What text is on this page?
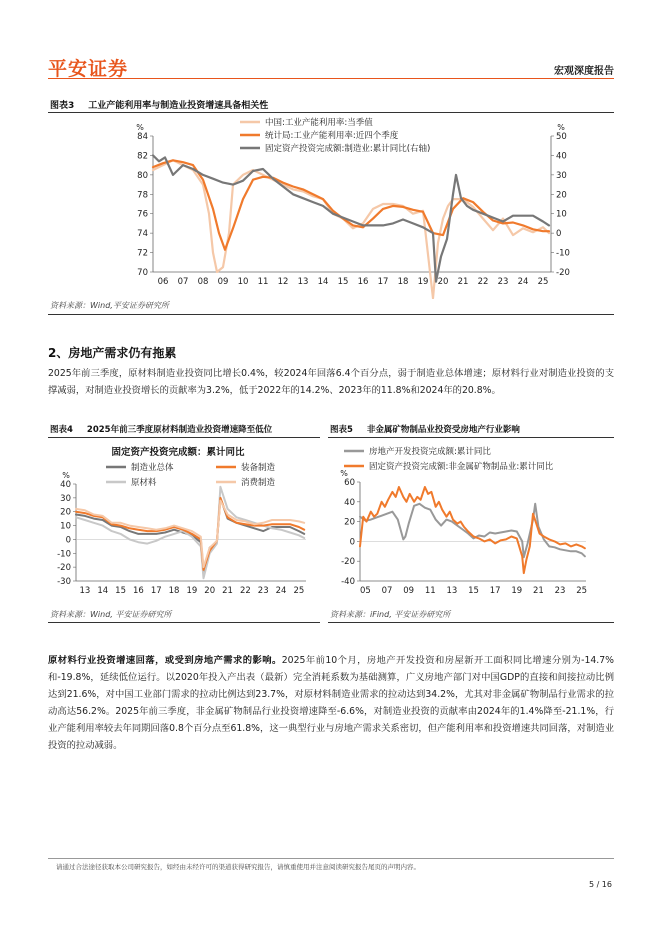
平安证券	宏观深度报告
图表3 工业产能利用率与制造业投资增速具备相关性
84
82
80
78
76
74
72
70
50
40
30
20
10
0
-10
-20
%	%
06 07 08 09 10 11 12 13 14 15 16 17 18 19 20 21 22 23 24 25
中国:工业产能利用率:当季值
统计局:工业产能利用率:近四个季度
固定资产投资完成额:制造业:累计同比(右轴)
资料来源：Wind,平安证券研究所
2、房地产需求仍有拖累
2025年前三季度，原材料制造业投资同比增长0.4%，较2024年回落6.4个百分点，弱于制造业总体增速；原材料行业对制造业投资的支撑减弱，对制造业投资增长的贡献率为3.2%，低于2022年的14.2%、2023年的11.8%和2024年的20.8%。
图表4 2025年前三季度原材料制造业投资增速降至低位
40
30
20
10
0
-10
-20
-30
%
13 14 15 16 17 18 19 20 21 22 23 24 25
固定资产投资完成额：累计同比
制造业总体
原材料
装备制造
消费制造
资料来源：Wind, 平安证券研究所
图表5 非金属矿物制品业投资受房地产行业影响
60
40
20
0
-20
-40
%
05 07 09 11 13 15 17 19 21 23 25
房地产开发投资完成额:累计同比
固定资产投资完成额:非金属矿物制品业:累计同比
资料来源：iFind, 平安证券研究所
原材料行业投资增速回落，或受到房地产需求的影响。2025年前10个月，房地产开发投资和房屋新开工面积同比增速分别为-14.7%和-19.8%，延续低位运行。以2020年投入产出表（最新）完全消耗系数为基础测算，广义房地产部门对中国GDP的直接和间接拉动比例达到21.6%，对中国工业部门需求的拉动比例达到23.7%，对原材料制造业需求的拉动达到34.2%，尤其对非金属矿物制品行业需求的拉动高达56.2%。2025年前三季度，非金属矿物制品行业投资增速降至-6.6%，对制造业投资的贡献率由2024年的1.4%降至-21.1%，行业产能利用率较去年同期回落0.8个百分点至61.8%，这一典型行业与房地产需求关系密切，但产能利用率和投资增速共同回落，对制造业投资的拉动减弱。
请通过合法途径获取本公司研究报告，如经由未经许可的渠道获得研究报告，请慎重使用并注意阅读研究报告尾页的声明内容。
5 / 16
